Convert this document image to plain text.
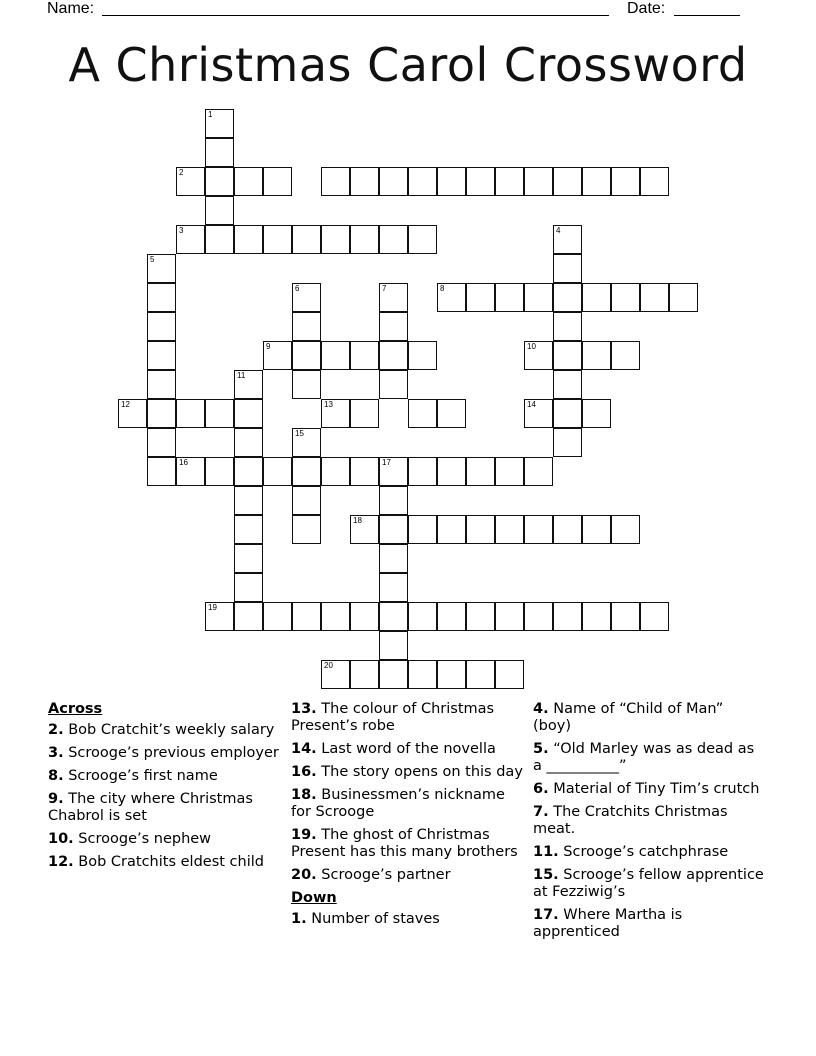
Name:	Date:
A Christmas Carol Crossword
2
1
3	4
5
6	7	8
9	10
11
12	13	14
15
16	17
18
19
20
Across
2. Bob Cratchit’s weekly salary
3. Scrooge’s previous employer
8. Scrooge’s first name
9. The city where Christmas Chabrol is set
10. Scrooge’s nephew
12. Bob Cratchits eldest child
13. The colour of Christmas Present’s robe
14. Last word of the novella
16. The story opens on this day
18. Businessmen’s nickname for Scrooge
19. The ghost of Christmas Present has this many brothers
20. Scrooge’s partner
Down
1. Number of staves
4. Name of “Child of Man” (boy)
5. “Old Marley was as dead as a __________”
6. Material of Tiny Tim’s crutch
7. The Cratchits Christmas meat.
11. Scrooge’s catchphrase
15. Scrooge’s fellow apprentice at Fezziwig’s
17. Where Martha is apprenticed
